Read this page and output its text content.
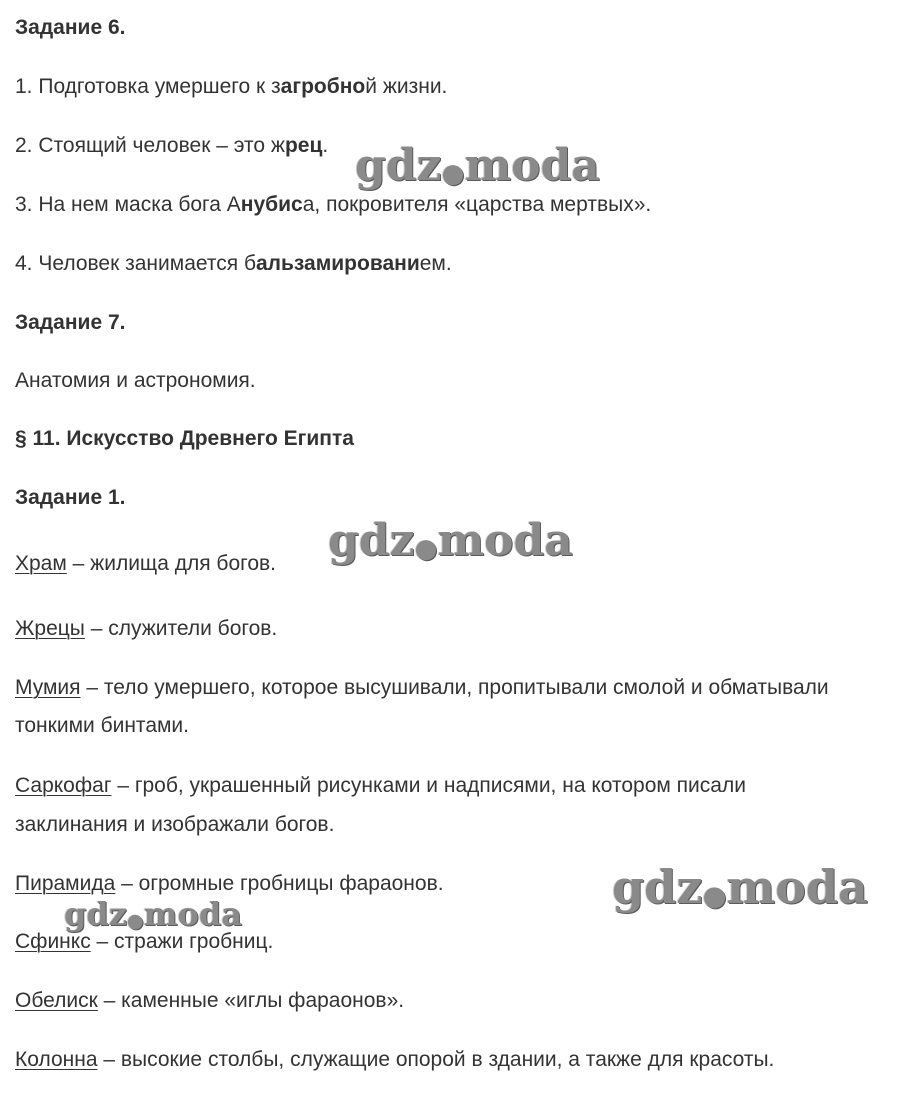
Задание 6.

1. Подготовка умершего к загробной жизни.

2. Стоящий человек – это жрец.

3. На нем маска бога Анубиса, покровителя «царства мертвых».

4. Человек занимается бальзамированием.

Задание 7.

Анатомия и астрономия.

§ 11. Искусство Древнего Египта

Задание 1.

Храм – жилища для богов.

Жрецы – служители богов.

Мумия – тело умершего, которое высушивали, пропитывали смолой и обматывали

тонкими бинтами.

Саркофаг – гроб, украшенный рисунками и надписями, на котором писали

заклинания и изображали богов.

Пирамида – огромные гробницы фараонов.

Сфинкс – стражи гробниц.

Обелиск – каменные «иглы фараонов».

Колонна – высокие столбы, служащие опорой в здании, а также для красоты.

gdz●moda
gdz●moda
gdz●moda
gdz●moda
